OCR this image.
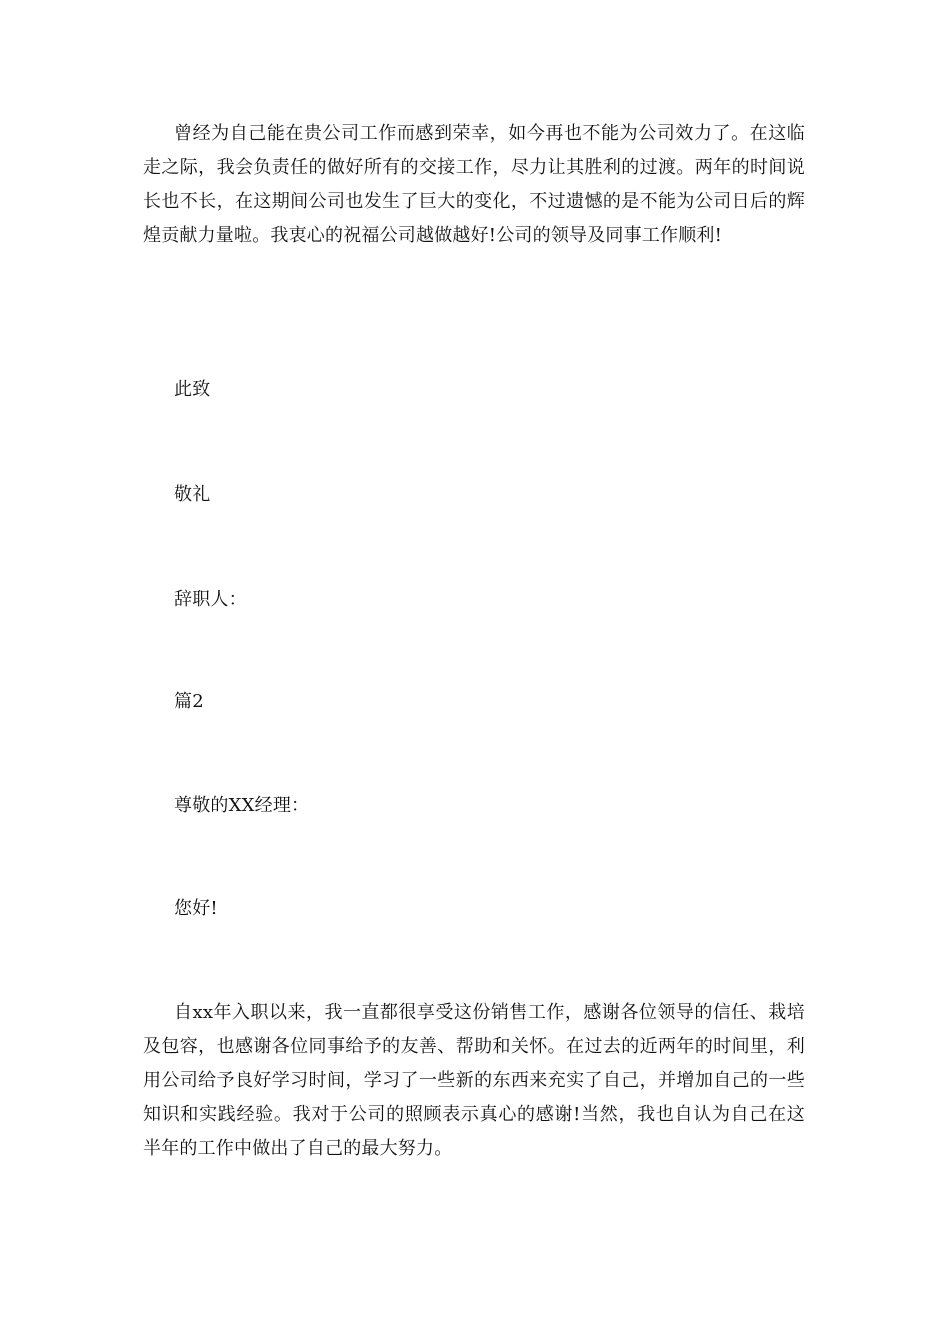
曾经为自己能在贵公司工作而感到荣幸，如今再也不能为公司效力了。在这临走之际，我会负责任的做好所有的交接工作，尽力让其胜利的过渡。两年的时间说长也不长，在这期间公司也发生了巨大的变化，不过遗憾的是不能为公司日后的辉煌贡献力量啦。我衷心的祝福公司越做越好!公司的领导及同事工作顺利!

此致

敬礼

辞职人：

篇2

尊敬的XX经理：

您好!

自xx年入职以来，我一直都很享受这份销售工作，感谢各位领导的信任、栽培及包容，也感谢各位同事给予的友善、帮助和关怀。在过去的近两年的时间里，利用公司给予良好学习时间，学习了一些新的东西来充实了自己，并增加自己的一些知识和实践经验。我对于公司的照顾表示真心的感谢!当然，我也自认为自己在这半年的工作中做出了自己的最大努力。
